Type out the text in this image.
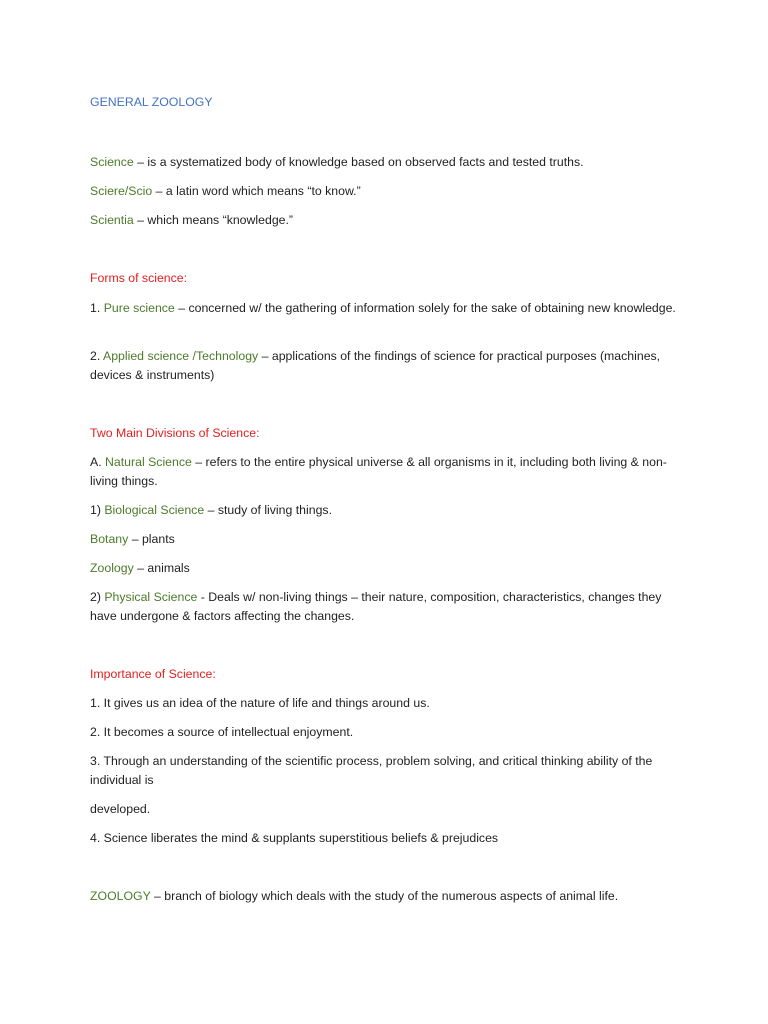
GENERAL ZOOLOGY

Science – is a systematized body of knowledge based on observed facts and tested truths.

Sciere/Scio – a latin word which means “to know.”

Scientia – which means “knowledge.”

Forms of science:

1. Pure science – concerned w/ the gathering of information solely for the sake of obtaining new knowledge.

2. Applied science /Technology – applications of the findings of science for practical purposes (machines, devices & instruments)

Two Main Divisions of Science:

A. Natural Science – refers to the entire physical universe & all organisms in it, including both living & non-living things.

1) Biological Science – study of living things.

Botany – plants

Zoology – animals

2) Physical Science - Deals w/ non-living things – their nature, composition, characteristics, changes they have undergone & factors affecting the changes.

Importance of Science:

1. It gives us an idea of the nature of life and things around us.

2. It becomes a source of intellectual enjoyment.

3. Through an understanding of the scientific process, problem solving, and critical thinking ability of the individual is

developed.

4. Science liberates the mind & supplants superstitious beliefs & prejudices

ZOOLOGY – branch of biology which deals with the study of the numerous aspects of animal life.
